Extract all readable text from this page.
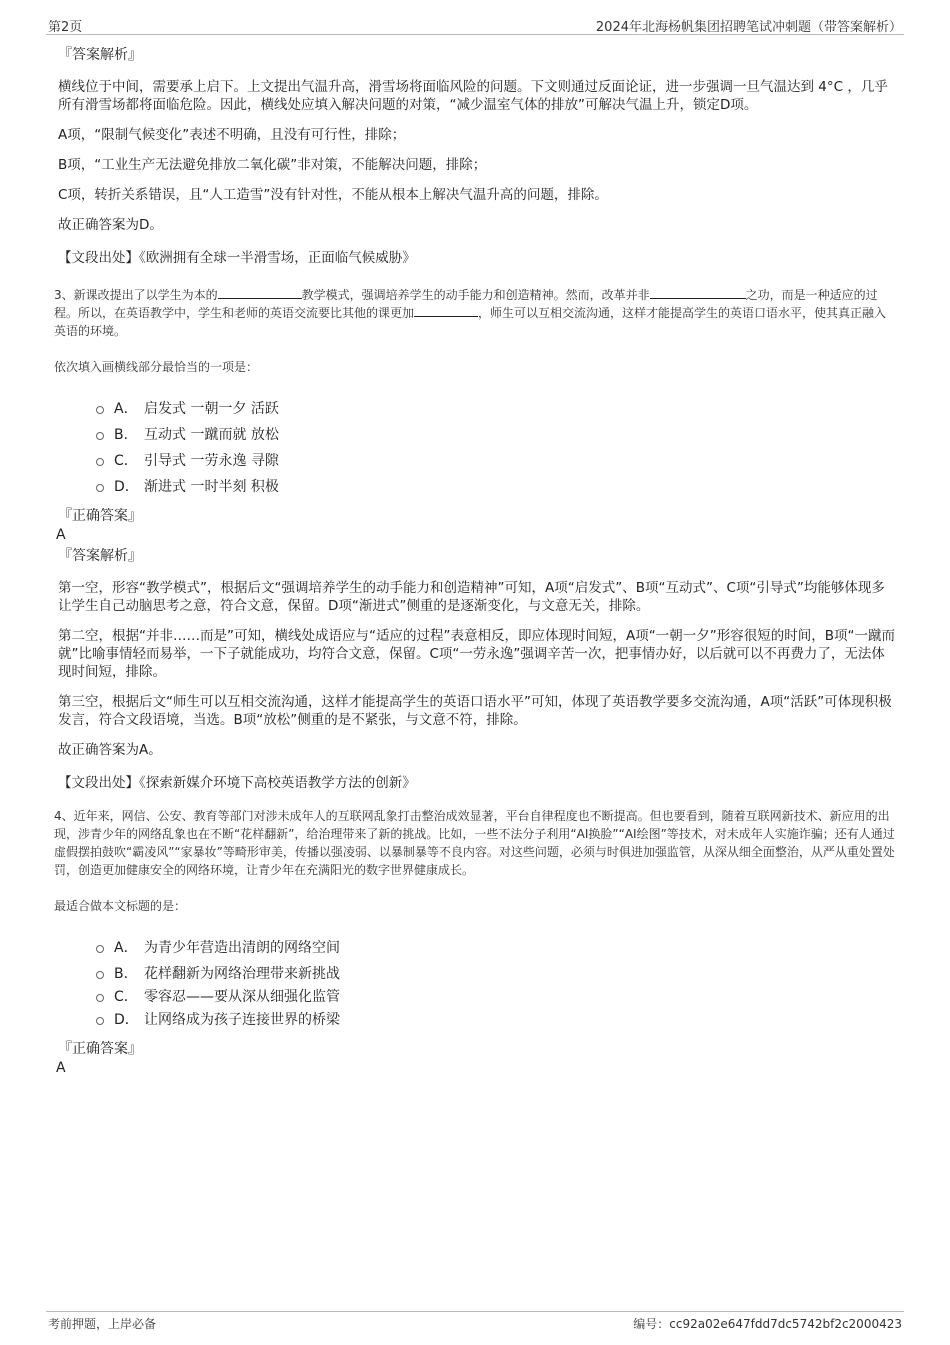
第2页	2024年北海杨帆集团招聘笔试冲刺题（带答案解析）
『答案解析』

横线位于中间，需要承上启下。上文提出气温升高，滑雪场将面临风险的问题。下文则通过反面论证，进一步强调一旦气温达到 4°C ，几乎所有滑雪场都将面临危险。因此，横线处应填入解决问题的对策，“减少温室气体的排放”可解决气温上升，锁定D项。

A项，“限制气候变化”表述不明确，且没有可行性，排除；

B项，“工业生产无法避免排放二氧化碳”非对策，不能解决问题，排除；

C项，转折关系错误，且“人工造雪”没有针对性，不能从根本上解决气温升高的问题，排除。

故正确答案为D。

【文段出处】《欧洲拥有全球一半滑雪场，正面临气候威胁》

3、新课改提出了以学生为本的	教学模式，强调培养学生的动手能力和创造精神。然而，改革并非	之功，而是一种适应的过程。所以，在英语教学中，学生和老师的英语交流要比其他的课更加	，师生可以互相交流沟通，这样才能提高学生的英语口语水平，使其真正融入英语的环境。

依次填入画横线部分最恰当的一项是：

A． 启发式 一朝一夕 活跃
B． 互动式 一蹴而就 放松
C． 引导式 一劳永逸 寻隙
D． 渐进式 一时半刻 积极
『正确答案』
A
『答案解析』

第一空，形容“教学模式”，根据后文“强调培养学生的动手能力和创造精神”可知，A项“启发式”、B项“互动式”、C项“引导式”均能够体现多让学生自己动脑思考之意，符合文意，保留。D项“渐进式”侧重的是逐渐变化，与文意无关，排除。

第二空，根据“并非……而是”可知，横线处成语应与“适应的过程”表意相反，即应体现时间短，A项“一朝一夕”形容很短的时间，B项“一蹴而就”比喻事情轻而易举，一下子就能成功，均符合文意，保留。C项“一劳永逸”强调辛苦一次，把事情办好，以后就可以不再费力了，无法体现时间短，排除。

第三空，根据后文“师生可以互相交流沟通，这样才能提高学生的英语口语水平”可知，体现了英语教学要多交流沟通，A项“活跃”可体现积极发言，符合文段语境，当选。B项“放松”侧重的是不紧张，与文意不符，排除。

故正确答案为A。

【文段出处】《探索新媒介环境下高校英语教学方法的创新》

4、近年来，网信、公安、教育等部门对涉未成年人的互联网乱象打击整治成效显著，平台自律程度也不断提高。但也要看到，随着互联网新技术、新应用的出现，涉青少年的网络乱象也在不断“花样翻新”，给治理带来了新的挑战。比如，一些不法分子利用“AI换脸”“AI绘图”等技术，对未成年人实施诈骗；还有人通过虚假摆拍鼓吹“霸凌风”“家暴妆”等畸形审美，传播以强凌弱、以暴制暴等不良内容。对这些问题，必须与时俱进加强监管，从深从细全面整治，从严从重处置处罚，创造更加健康安全的网络环境，让青少年在充满阳光的数字世界健康成长。

最适合做本文标题的是：

A． 为青少年营造出清朗的网络空间
B． 花样翻新为网络治理带来新挑战
C． 零容忍——要从深从细强化监管
D． 让网络成为孩子连接世界的桥梁
『正确答案』
A
考前押题，上岸必备	编号：cc92a02e647fdd7dc5742bf2c2000423
